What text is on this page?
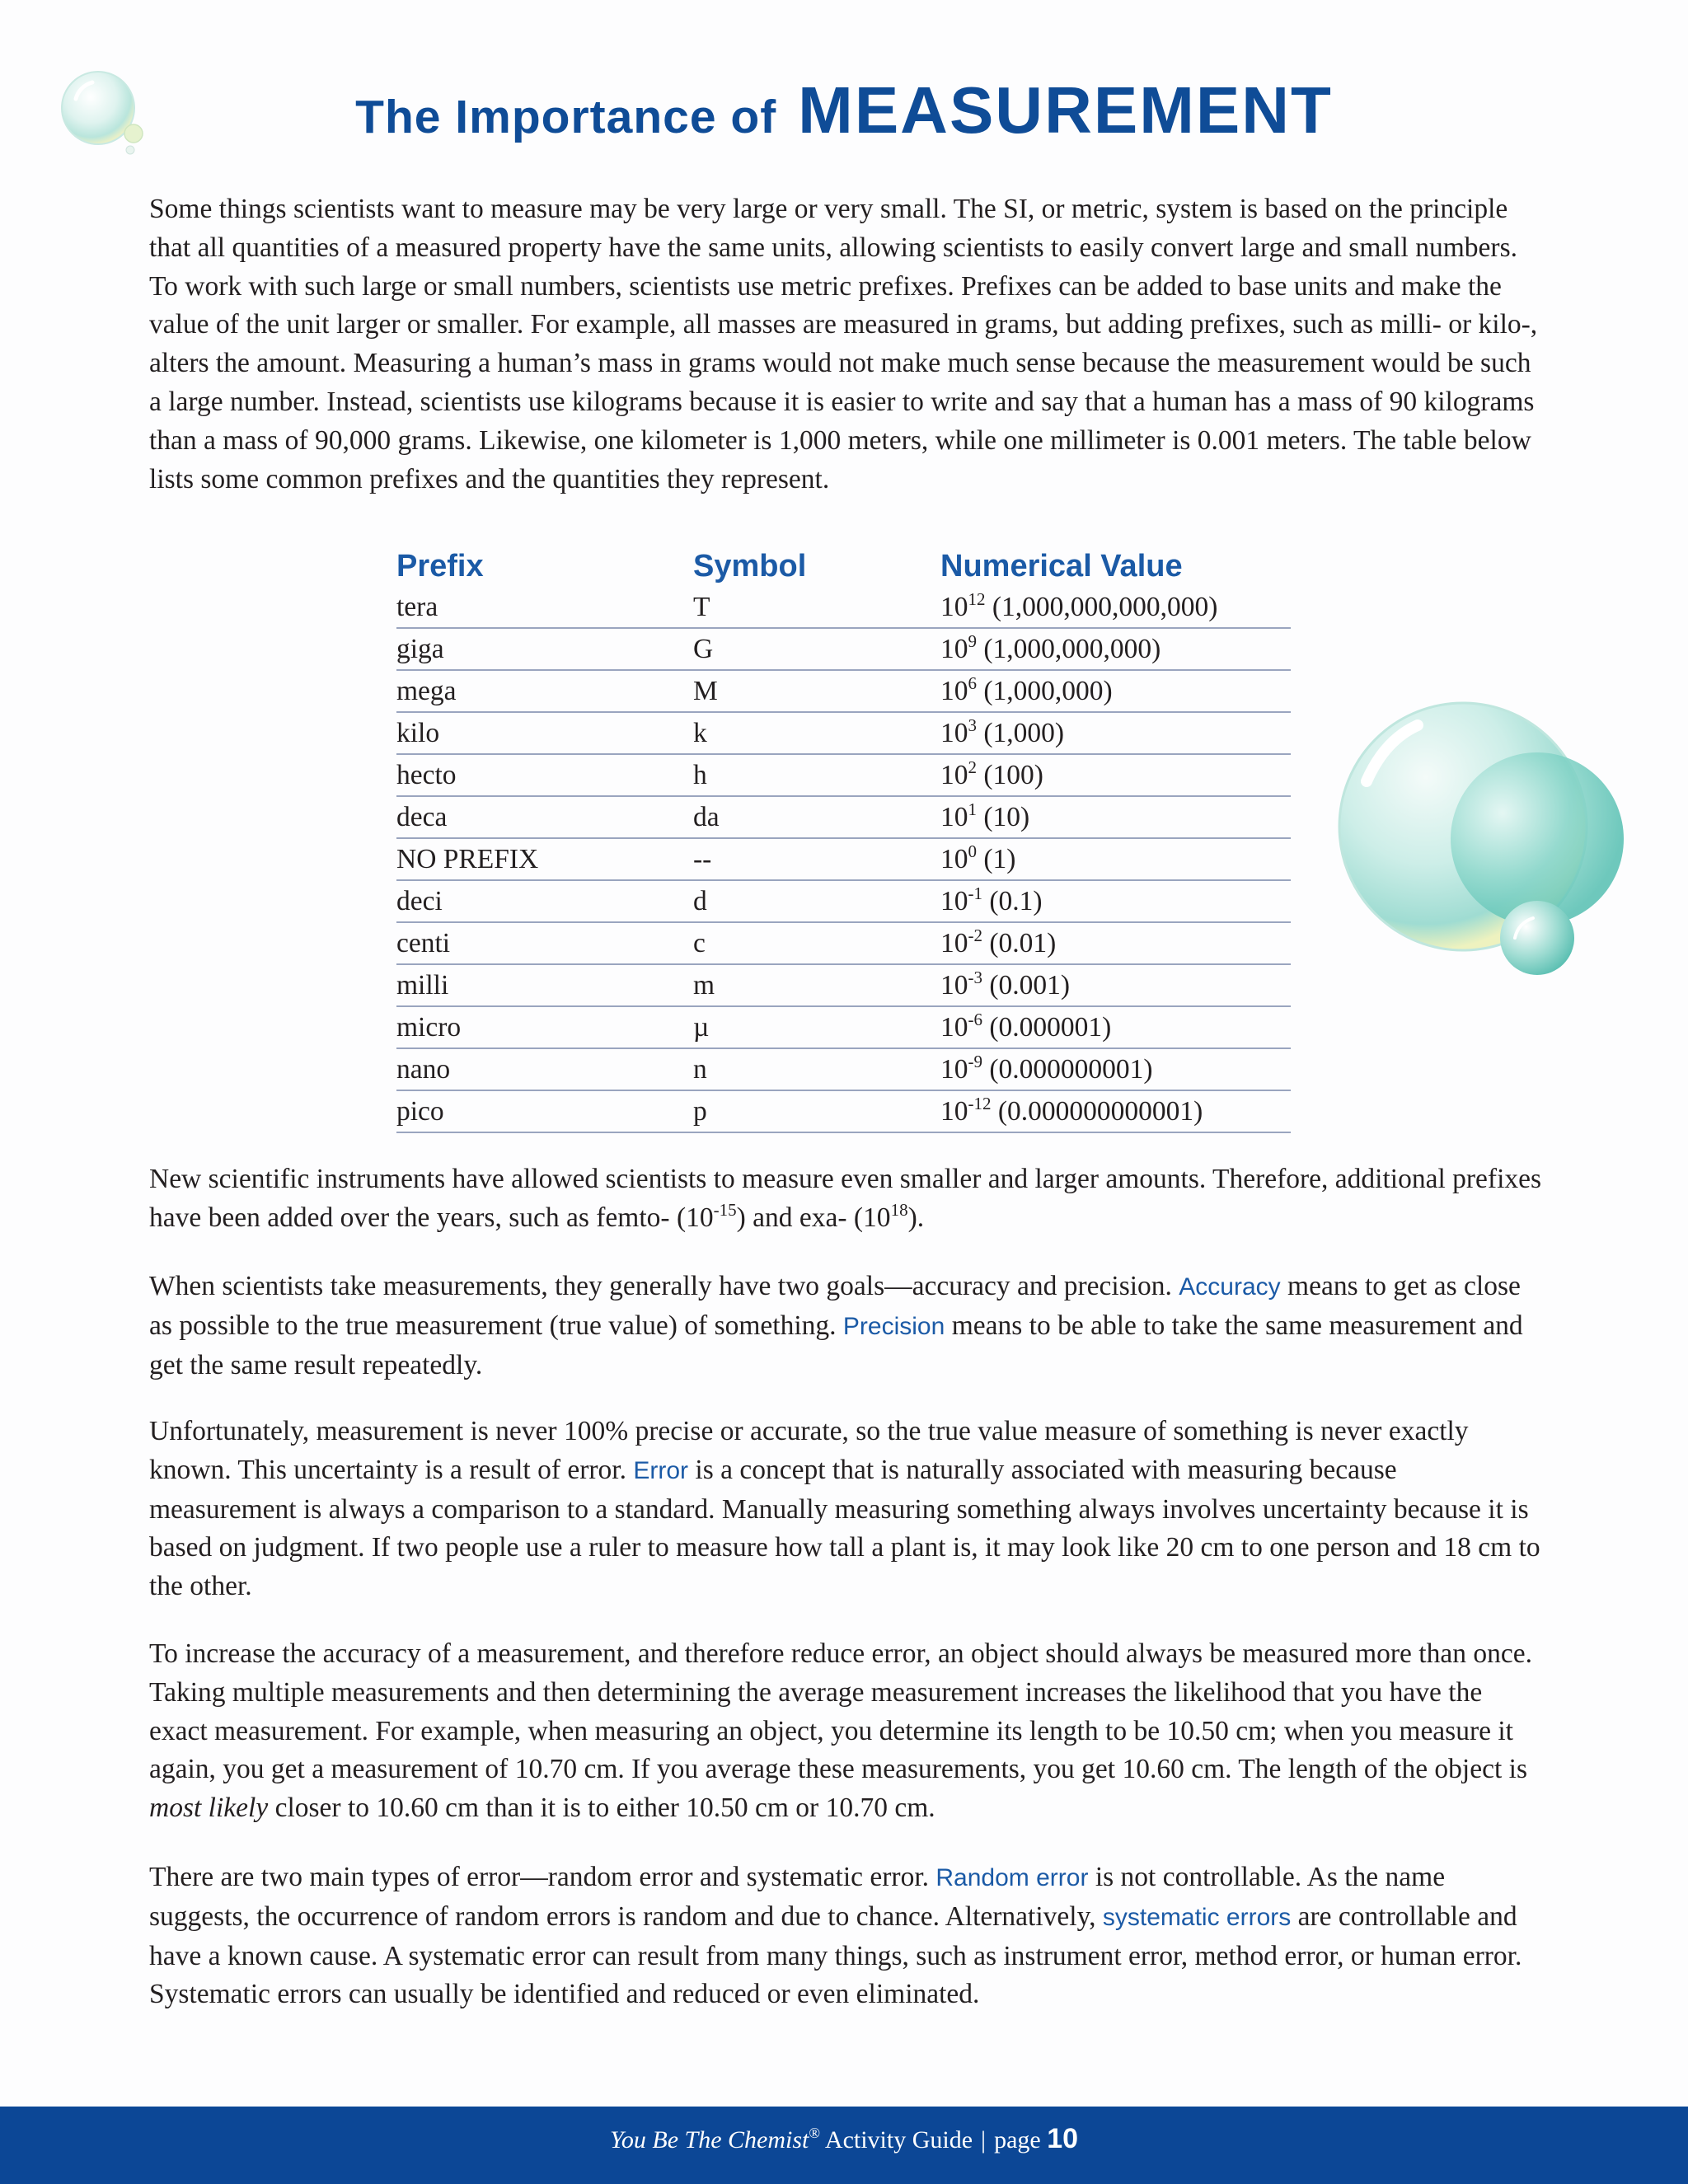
The Importance of MEASUREMENT

Some things scientists want to measure may be very large or very small. The SI, or metric, system is based on the principle that all quantities of a measured property have the same units, allowing scientists to easily convert large and small numbers. To work with such large or small numbers, scientists use metric prefixes. Prefixes can be added to base units and make the value of the unit larger or smaller. For example, all masses are measured in grams, but adding prefixes, such as milli- or kilo-, alters the amount. Measuring a human’s mass in grams would not make much sense because the measurement would be such a large number. Instead, scientists use kilograms because it is easier to write and say that a human has a mass of 90 kilograms than a mass of 90,000 grams. Likewise, one kilometer is 1,000 meters, while one millimeter is 0.001 meters. The table below lists some common prefixes and the quantities they represent.

Prefix	Symbol	Numerical Value
tera	T	$10^{12}$ (1,000,000,000,000)
giga	G	$10^9$ (1,000,000,000)
mega	M	$10^6$ (1,000,000)
kilo	k	$10^3$ (1,000)
hecto	h	$10^2$ (100)
deca	da	$10^1$ (10)
NO PREFIX	--	$10^0$ (1)
deci	d	$10^{-1}$ (0.1)
centi	c	$10^{-2}$ (0.01)
milli	m	$10^{-3}$ (0.001)
micro	µ	$10^{-6}$ (0.000001)
nano	n	$10^{-9}$ (0.000000001)
pico	p	$10^{-12}$ (0.000000000001)

New scientific instruments have allowed scientists to measure even smaller and larger amounts. Therefore, additional prefixes have been added over the years, such as femto- $(10^{-15})$ and exa- $(10^{18})$.

When scientists take measurements, they generally have two goals—accuracy and precision. Accuracy means to get as close as possible to the true measurement (true value) of something. Precision means to be able to take the same measurement and get the same result repeatedly.

Unfortunately, measurement is never 100% precise or accurate, so the true value measure of something is never exactly known. This uncertainty is a result of error. Error is a concept that is naturally associated with measuring because measurement is always a comparison to a standard. Manually measuring something always involves uncertainty because it is based on judgment. If two people use a ruler to measure how tall a plant is, it may look like 20 cm to one person and 18 cm to the other.

To increase the accuracy of a measurement, and therefore reduce error, an object should always be measured more than once. Taking multiple measurements and then determining the average measurement increases the likelihood that you have the exact measurement. For example, when measuring an object, you determine its length to be 10.50 cm; when you measure it again, you get a measurement of 10.70 cm. If you average these measurements, you get 10.60 cm. The length of the object is most likely closer to 10.60 cm than it is to either 10.50 cm or 10.70 cm.

There are two main types of error—random error and systematic error. Random error is not controllable. As the name suggests, the occurrence of random errors is random and due to chance. Alternatively, systematic errors are controllable and have a known cause. A systematic error can result from many things, such as instrument error, method error, or human error. Systematic errors can usually be identified and reduced or even eliminated.

You Be The Chemist® Activity Guide | page 10
